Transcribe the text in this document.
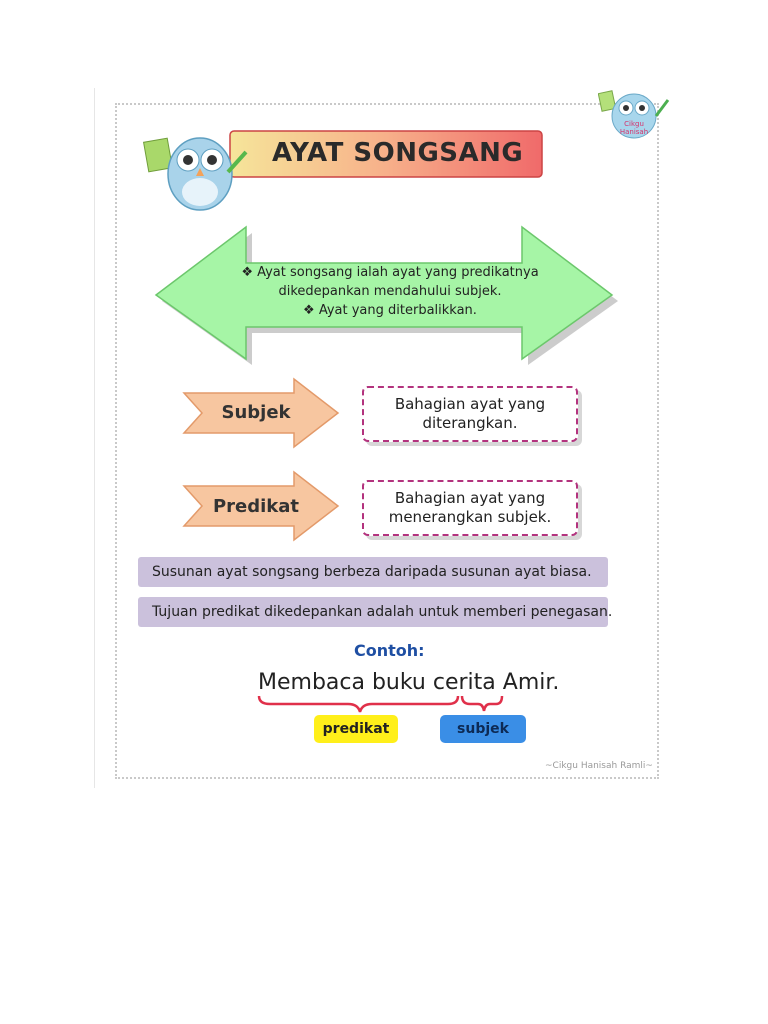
Cikgu
Hanisah
AYAT SONGSANG
❖ Ayat songsang ialah ayat yang predikatnya
dikedepankan mendahului subjek.
❖ Ayat yang diterbalikkan.
Subjek	Bahagian ayat yang
diterangkan.
Predikat	Bahagian ayat yang
menerangkan subjek.
Susunan ayat songsang berbeza daripada susunan ayat biasa.
Tujuan predikat dikedepankan adalah untuk memberi penegasan.
Contoh:
Membaca buku cerita Amir.
predikat	subjek
~Cikgu Hanisah Ramli~
